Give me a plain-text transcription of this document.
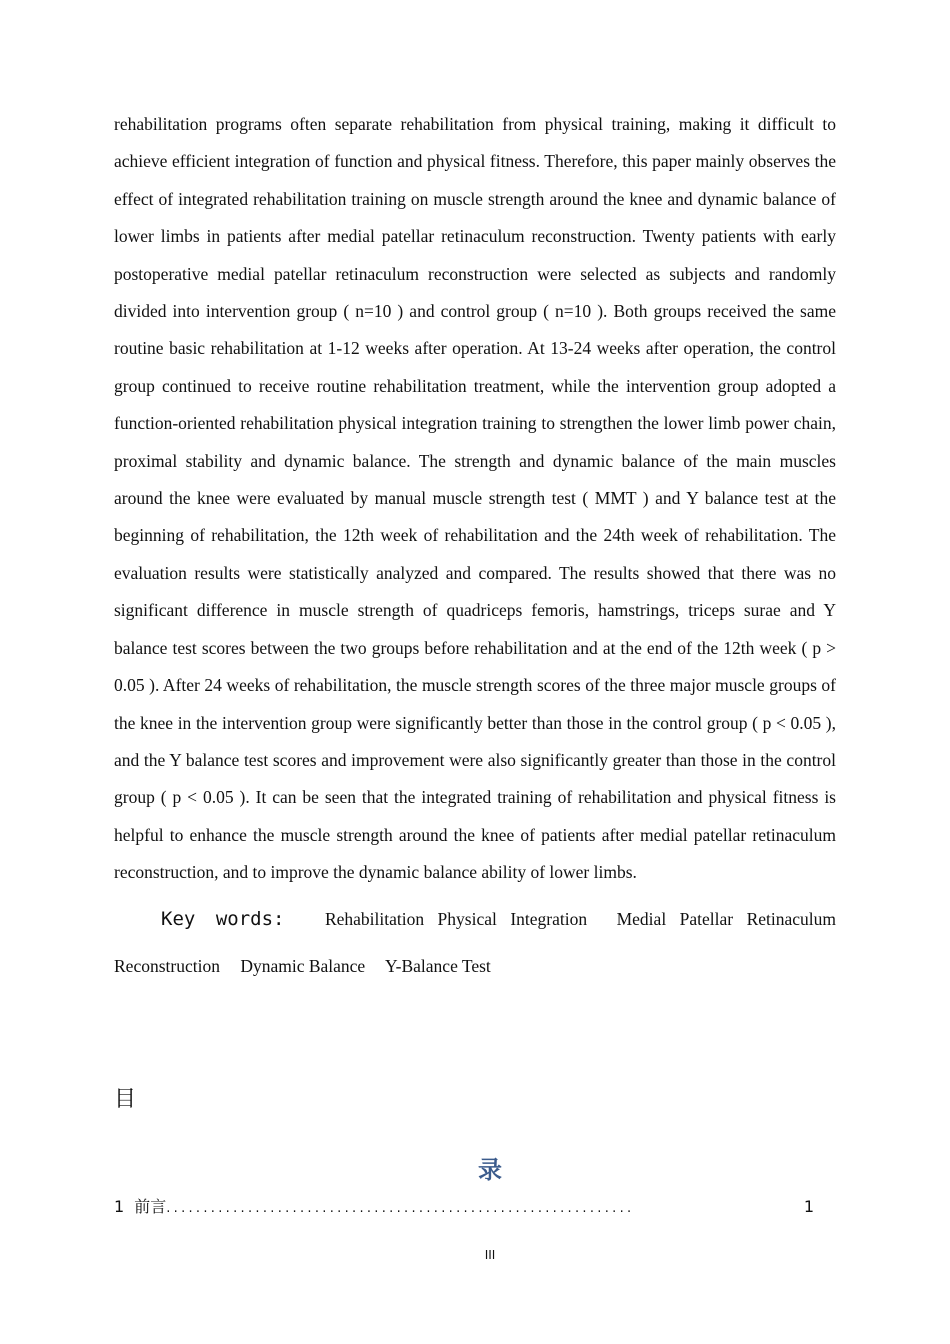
rehabilitation programs often separate rehabilitation from physical training, making it difficult to achieve efficient integration of function and physical fitness. Therefore, this paper mainly observes the effect of integrated rehabilitation training on muscle strength around the knee and dynamic balance of lower limbs in patients after medial patellar retinaculum reconstruction. Twenty patients with early postoperative medial patellar retinaculum reconstruction were selected as subjects and randomly divided into intervention group ( n=10 ) and control group ( n=10 ). Both groups received the same routine basic rehabilitation at 1-12 weeks after operation. At 13-24 weeks after operation, the control group continued to receive routine rehabilitation treatment, while the intervention group adopted a function-oriented rehabilitation physical integration training to strengthen the lower limb power chain, proximal stability and dynamic balance. The strength and dynamic balance of the main muscles around the knee were evaluated by manual muscle strength test ( MMT ) and Y balance test at the beginning of rehabilitation, the 12th week of rehabilitation and the 24th week of rehabilitation. The evaluation results were statistically analyzed and compared. The results showed that there was no significant difference in muscle strength of quadriceps femoris, hamstrings, triceps surae and Y balance test scores between the two groups before rehabilitation and at the end of the 12th week ( p > 0.05 ). After 24 weeks of rehabilitation, the muscle strength scores of the three major muscle groups of the knee in the intervention group were significantly better than those in the control group ( p < 0.05 ), and the Y balance test scores and improvement were also significantly greater than those in the control group ( p < 0.05 ). It can be seen that the integrated training of rehabilitation and physical fitness is helpful to enhance the muscle strength around the knee of patients after medial patellar retinaculum reconstruction, and to improve the dynamic balance ability of lower limbs.

Key words: Rehabilitation Physical Integration Medial Patellar Retinaculum Reconstruction Dynamic Balance Y-Balance Test

目
录
1 前言 ...............................................................	1
III
